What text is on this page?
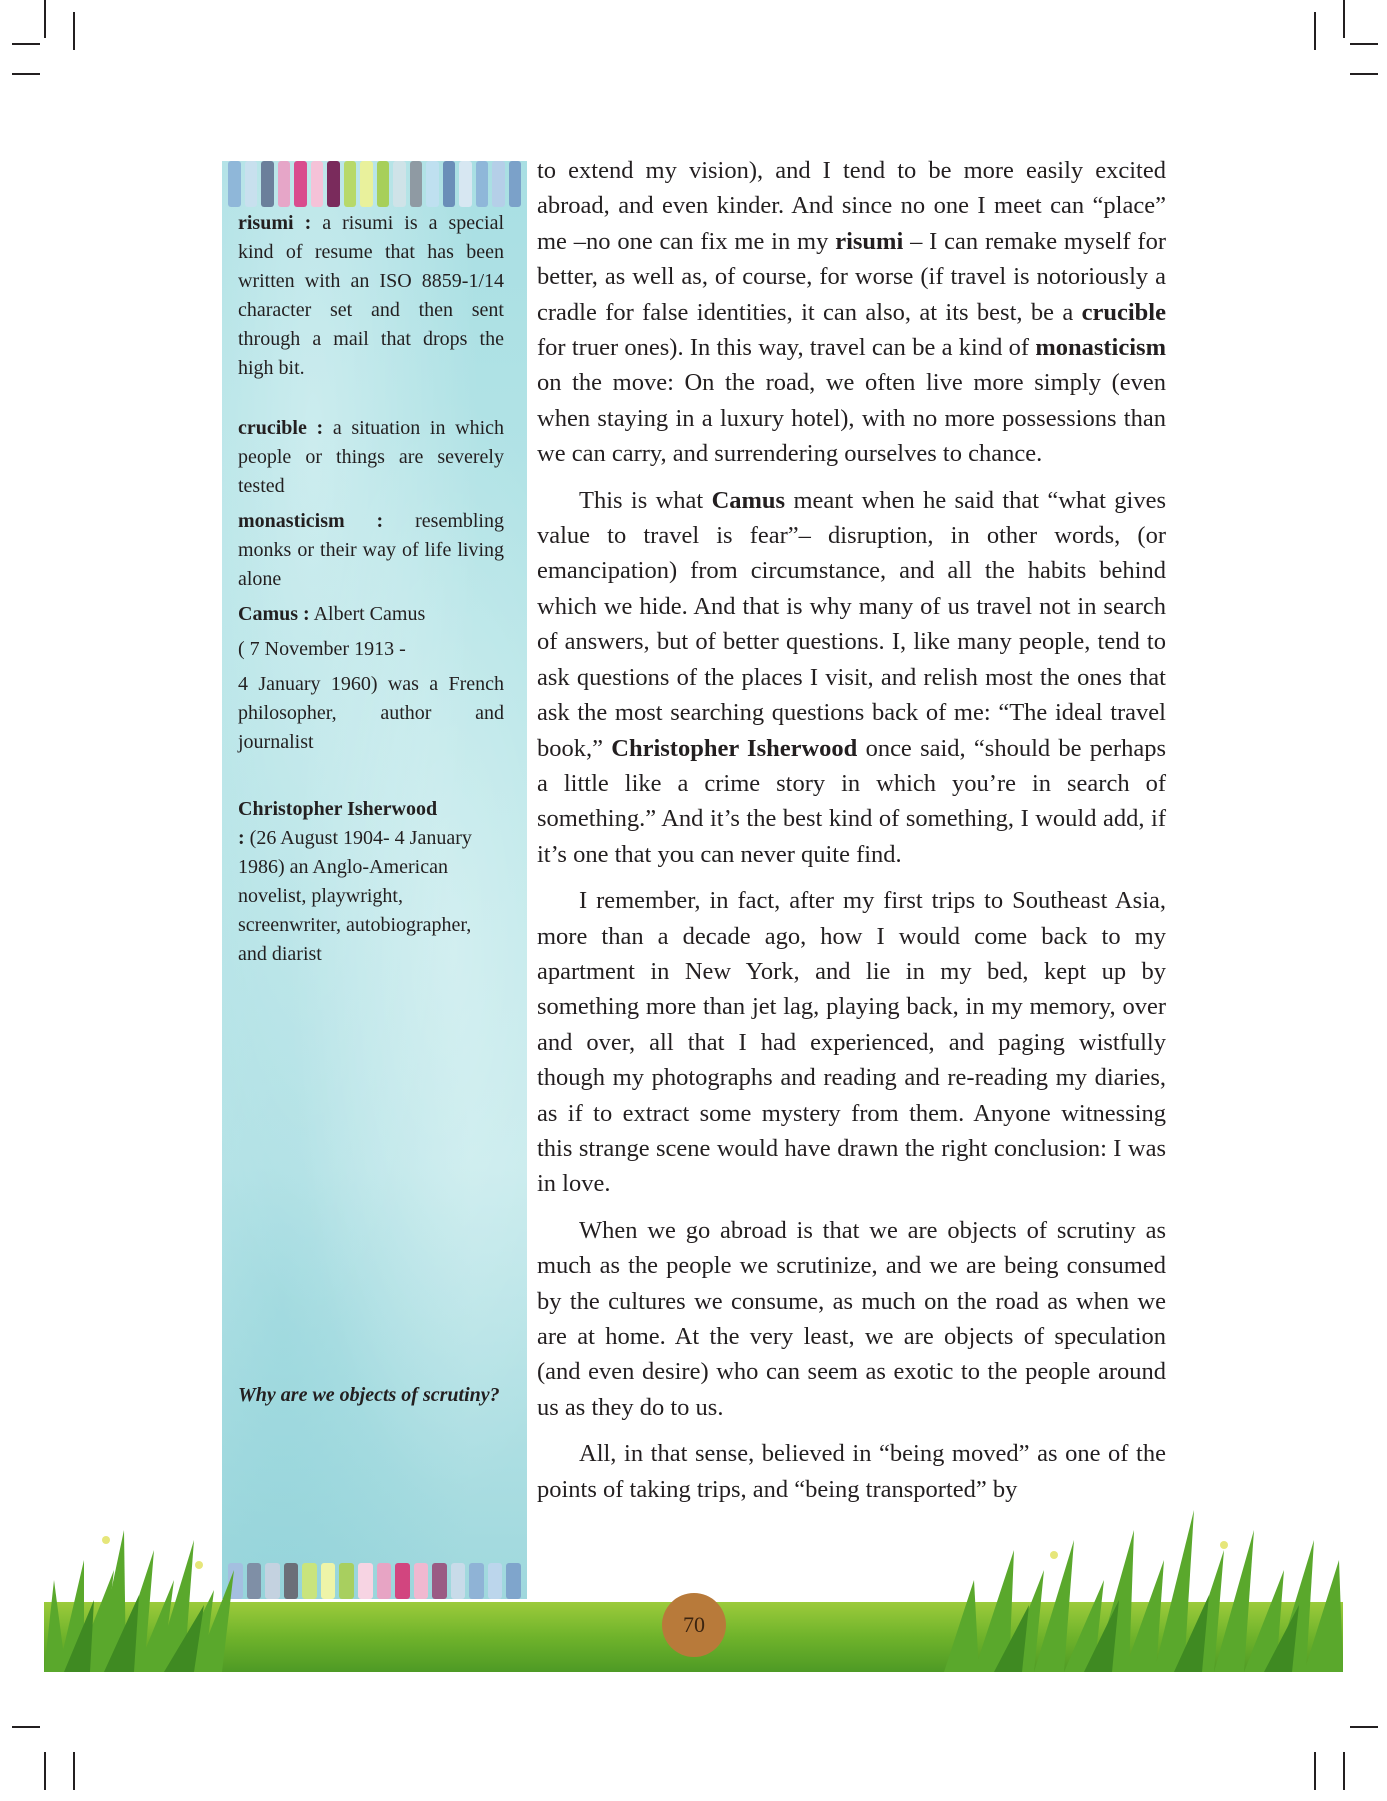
risumi : a risumi is a special kind of resume that has been written with an ISO 8859-1/14 character set and then sent through a mail that drops the high bit.
crucible : a situation in which people or things are severely tested
monasticism : resembling monks or their way of life living alone
Camus : Albert Camus
( 7 November 1913 -
4 January 1960) was a French philosopher, author and journalist
Christopher Isherwood
: (26 August 1904- 4 January 1986) an Anglo-American novelist, playwright, screenwriter, autobiographer, and diarist
Why are we objects of scrutiny?

to extend my vision), and I tend to be more easily excited abroad, and even kinder. And since no one I meet can “place” me –no one can fix me in my risumi – I can remake myself for better, as well as, of course, for worse (if travel is notoriously a cradle for false identities, it can also, at its best, be a crucible for truer ones). In this way, travel can be a kind of monasticism on the move: On the road, we often live more simply (even when staying in a luxury hotel), with no more possessions than we can carry, and surrendering ourselves to chance.

This is what Camus meant when he said that “what gives value to travel is fear”– disruption, in other words, (or emancipation) from circumstance, and all the habits behind which we hide. And that is why many of us travel not in search of answers, but of better questions. I, like many people, tend to ask questions of the places I visit, and relish most the ones that ask the most searching questions back of me: “The ideal travel book,” Christopher Isherwood once said, “should be perhaps a little like a crime story in which you’re in search of something.” And it’s the best kind of something, I would add, if it’s one that you can never quite find.

I remember, in fact, after my first trips to Southeast Asia, more than a decade ago, how I would come back to my apartment in New York, and lie in my bed, kept up by something more than jet lag, playing back, in my memory, over and over, all that I had experienced, and paging wistfully though my photographs and reading and re-reading my diaries, as if to extract some mystery from them. Anyone witnessing this strange scene would have drawn the right conclusion: I was in love.

When we go abroad is that we are objects of scrutiny as much as the people we scrutinize, and we are being consumed by the cultures we consume, as much on the road as when we are at home. At the very least, we are objects of speculation (and even desire) who can seem as exotic to the people around us as they do to us.

All, in that sense, believed in “being moved” as one of the points of taking trips, and “being transported” by

70
